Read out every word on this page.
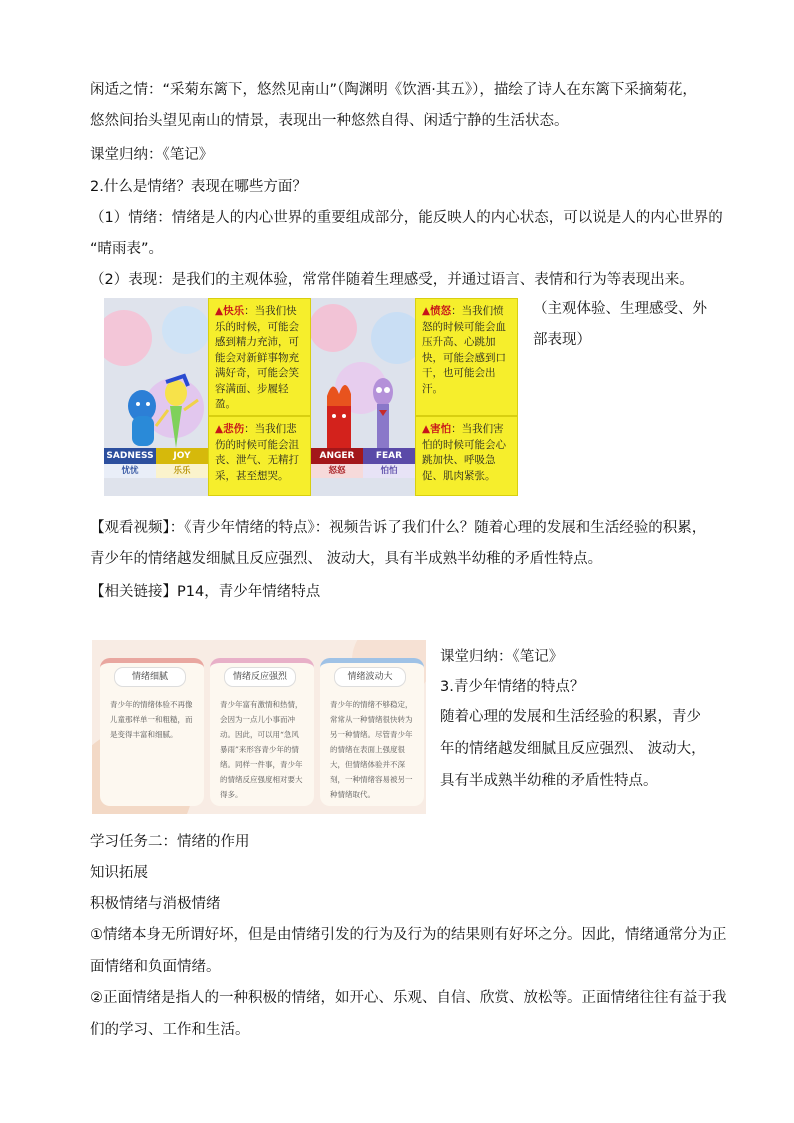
闲适之情：“采菊东篱下，悠然见南山”（陶渊明《饮酒·其五》），描绘了诗人在东篱下采摘菊花，
悠然间抬头望见南山的情景，表现出一种悠然自得、闲适宁静的生活状态。
课堂归纳：《笔记》
2.什么是情绪？表现在哪些方面？
（1）情绪：情绪是人的内心世界的重要组成部分，能反映人的内心状态，可以说是人的内心世界的
“晴雨表”。
（2）表现：是我们的主观体验，常常伴随着生理感受，并通过语言、表情和行为等表现出来。
SADNESS	JOY
忧忧	乐乐
▲快乐：当我们快乐的时候，可能会感到精力充沛，可能会对新鲜事物充满好奇，可能会笑容满面、步履轻盈。
▲悲伤：当我们悲伤的时候可能会沮丧、泄气、无精打采，甚至想哭。
ANGER	FEAR
怒怒	怕怕
▲愤怒：当我们愤怒的时候可能会血压升高、心跳加快，可能会感到口干，也可能会出汗。
▲害怕：当我们害怕的时候可能会心跳加快、呼吸急促、肌肉紧张。
（主观体验、生理感受、外
部表现）
【观看视频】：《青少年情绪的特点》：视频告诉了我们什么？随着心理的发展和生活经验的积累，
青少年的情绪越发细腻且反应强烈、 波动大，具有半成熟半幼稚的矛盾性特点。
【相关链接】P14，青少年情绪特点
情绪细腻
青少年的情绪体验不再像儿童那样单一和粗糙，而是变得丰富和细腻。
情绪反应强烈
青少年富有激情和热情，会因为一点儿小事而冲动。因此，可以用“急风暴雨”来形容青少年的情绪。同样一件事，青少年的情绪反应强度相对要大得多。
情绪波动大
青少年的情绪不够稳定，常常从一种情绪很快转为另一种情绪。尽管青少年的情绪在表面上强度很大，但情绪体验并不深刻，一种情绪容易被另一种情绪取代。
课堂归纳：《笔记》
3.青少年情绪的特点？
随着心理的发展和生活经验的积累，青少
年的情绪越发细腻且反应强烈、 波动大，
具有半成熟半幼稚的矛盾性特点。
学习任务二：情绪的作用
知识拓展
积极情绪与消极情绪
①情绪本身无所谓好坏，但是由情绪引发的行为及行为的结果则有好坏之分。因此，情绪通常分为正
面情绪和负面情绪。
②正面情绪是指人的一种积极的情绪，如开心、乐观、自信、欣赏、放松等。正面情绪往往有益于我
们的学习、工作和生活。
